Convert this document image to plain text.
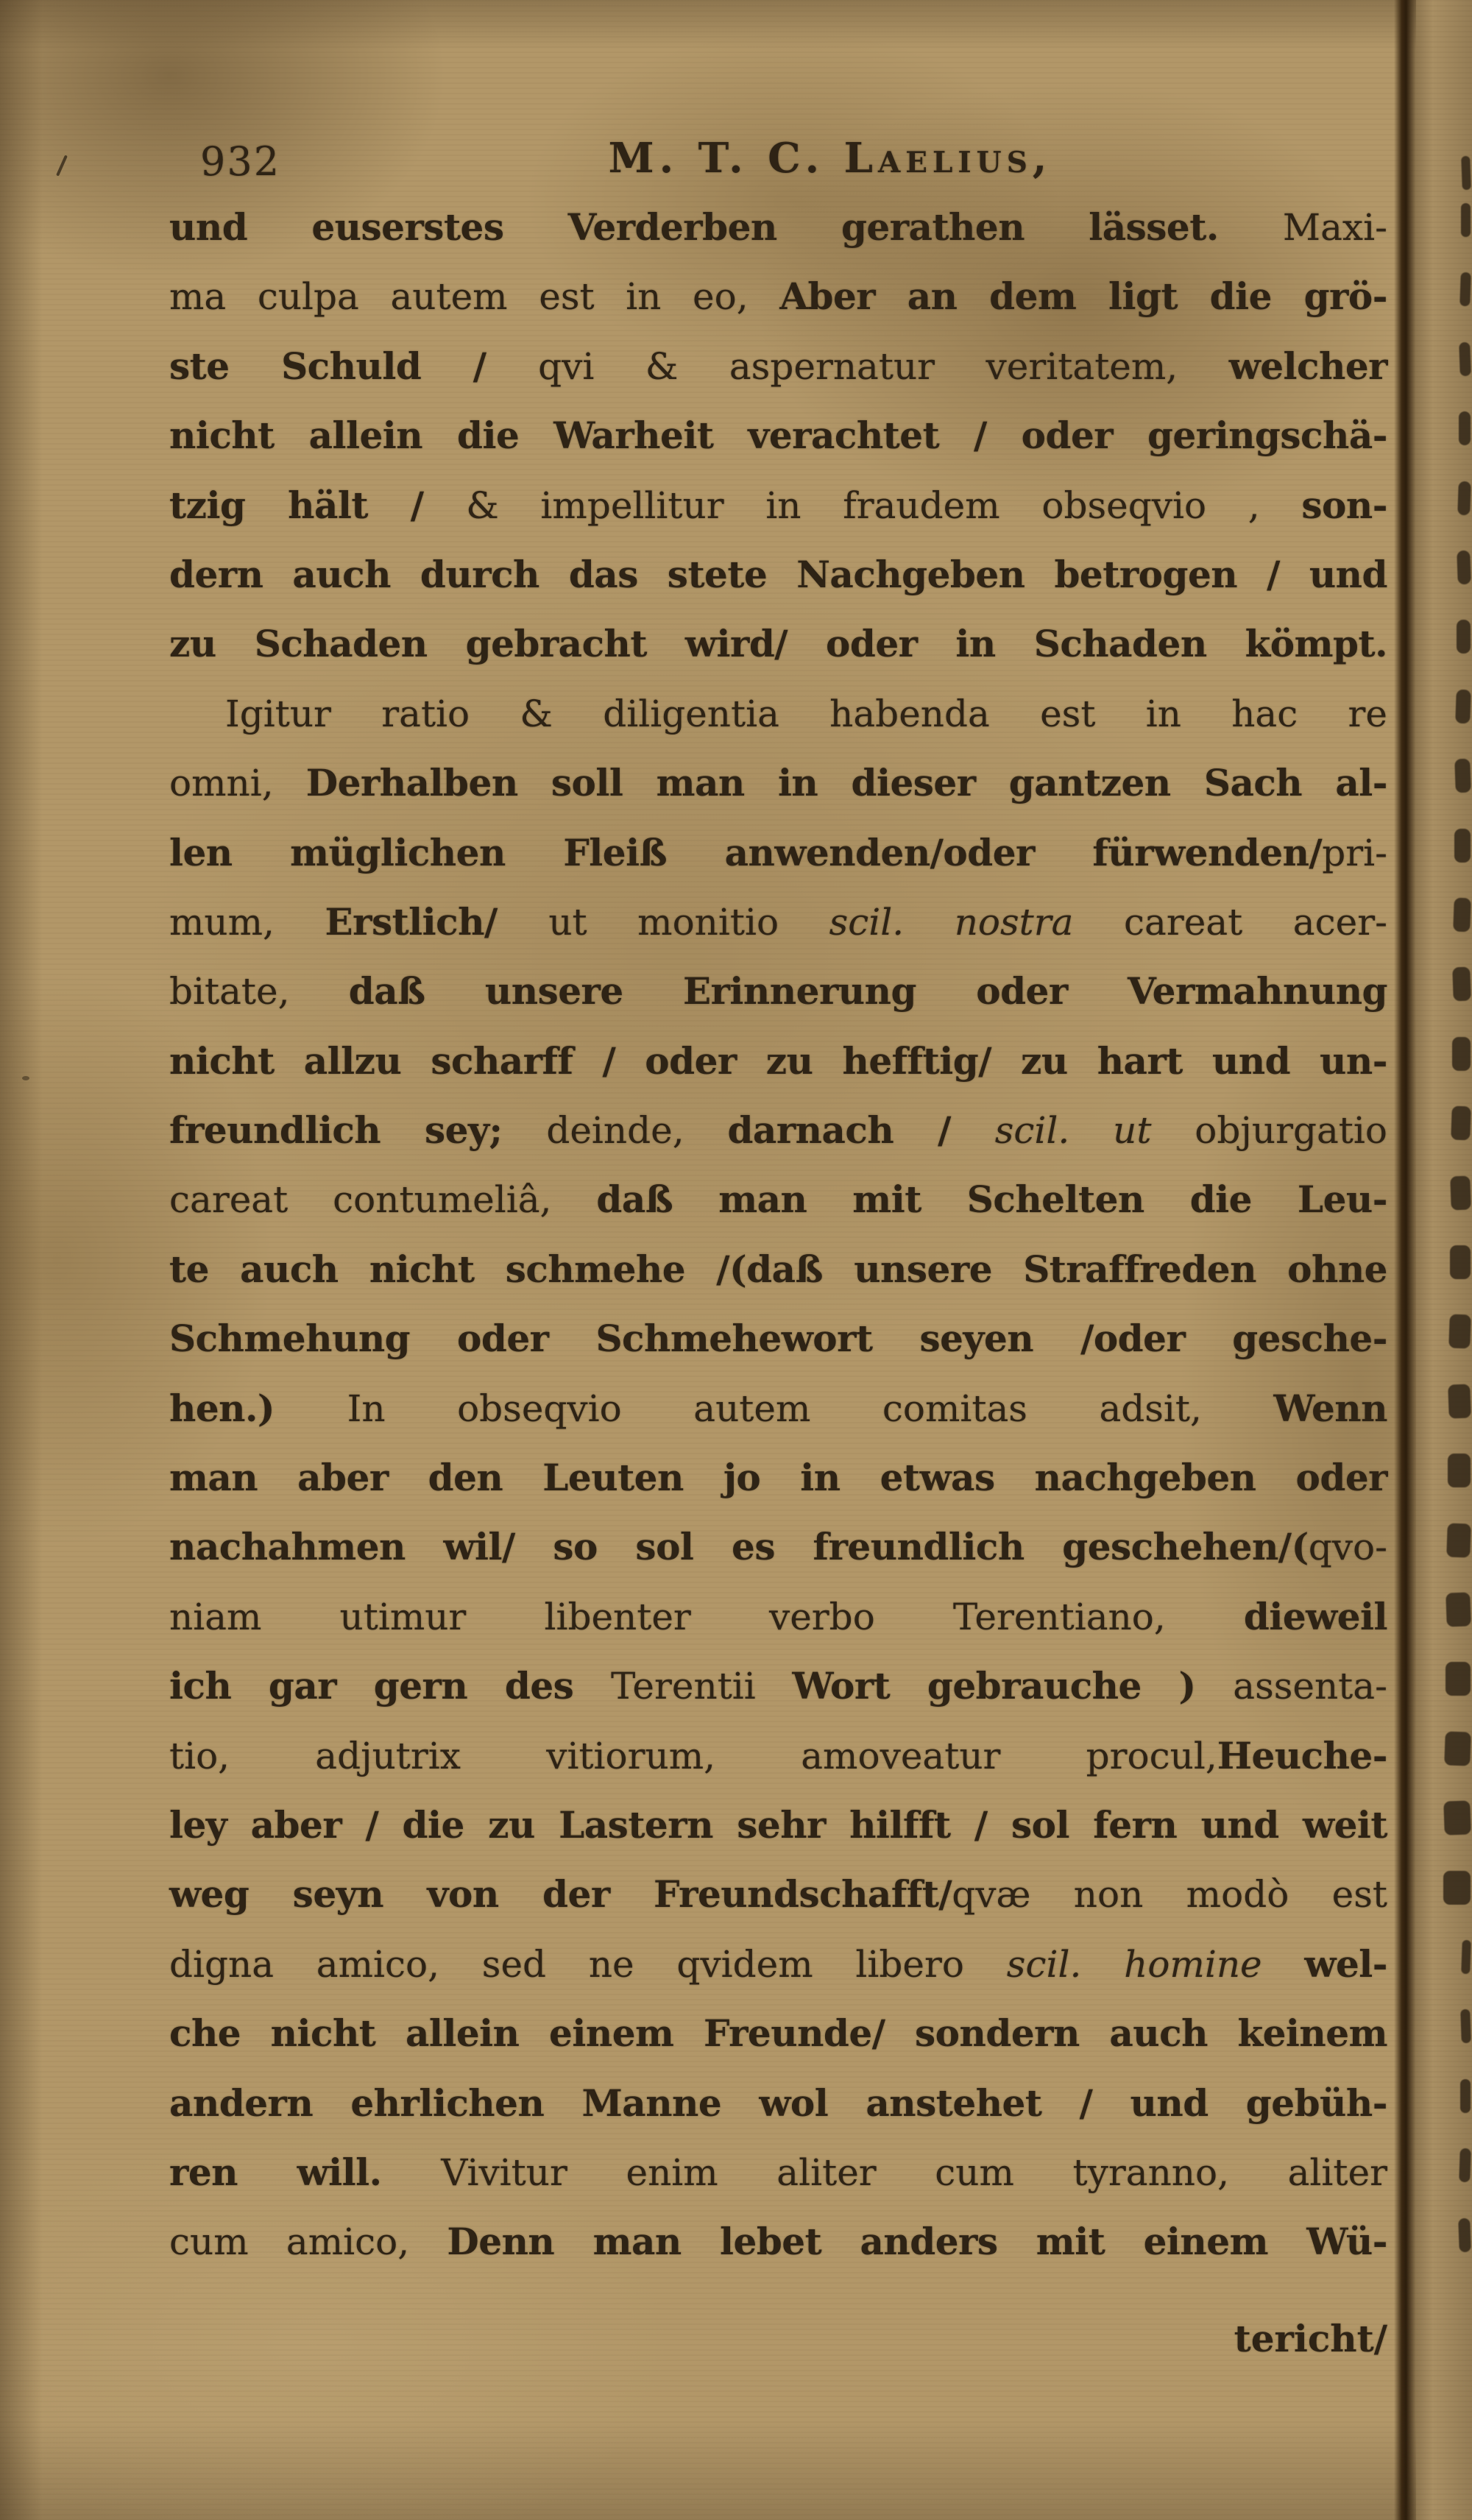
932	M. T. C. Laelius,
und euserstes Verderben gerathen lässet. Maxi-
ma culpa autem est in eo, Aber an dem ligt die grö-
ste Schuld / qvi & aspernatur veritatem, welcher
nicht allein die Warheit verachtet / oder geringschä-
tzig hält / & impellitur in fraudem obseqvio , son-
dern auch durch das stete Nachgeben betrogen / und
zu Schaden gebracht wird/ oder in Schaden kömpt.
Igitur ratio & diligentia habenda est in hac re
omni, Derhalben soll man in dieser gantzen Sach al-
len müglichen Fleiß anwenden/oder fürwenden/pri-
mum, Erstlich/ ut monitio scil. nostra careat acer-
bitate, daß unsere Erinnerung oder Vermahnung
nicht allzu scharff / oder zu hefftig/ zu hart und un-
freundlich sey; deinde, darnach / scil. ut objurgatio
careat contumeliâ, daß man mit Schelten die Leu-
te auch nicht schmehe /(daß unsere Straffreden ohne
Schmehung oder Schmehewort seyen /oder gesche-
hen.) In obseqvio autem comitas adsit, Wenn
man aber den Leuten jo in etwas nachgeben oder
nachahmen wil/ so sol es freundlich geschehen/(qvo-
niam utimur libenter verbo Terentiano, dieweil
ich gar gern des Terentii Wort gebrauche ) assenta-
tio, adjutrix vitiorum, amoveatur procul,Heuche-
ley aber / die zu Lastern sehr hilfft / sol fern und weit
weg seyn von der Freundschafft/qvæ non modò est
digna amico, sed ne qvidem libero scil. homine wel-
che nicht allein einem Freunde/ sondern auch keinem
andern ehrlichen Manne wol anstehet / und gebüh-
ren will. Vivitur enim aliter cum tyranno, aliter
cum amico, Denn man lebet anders mit einem Wü-
tericht/
